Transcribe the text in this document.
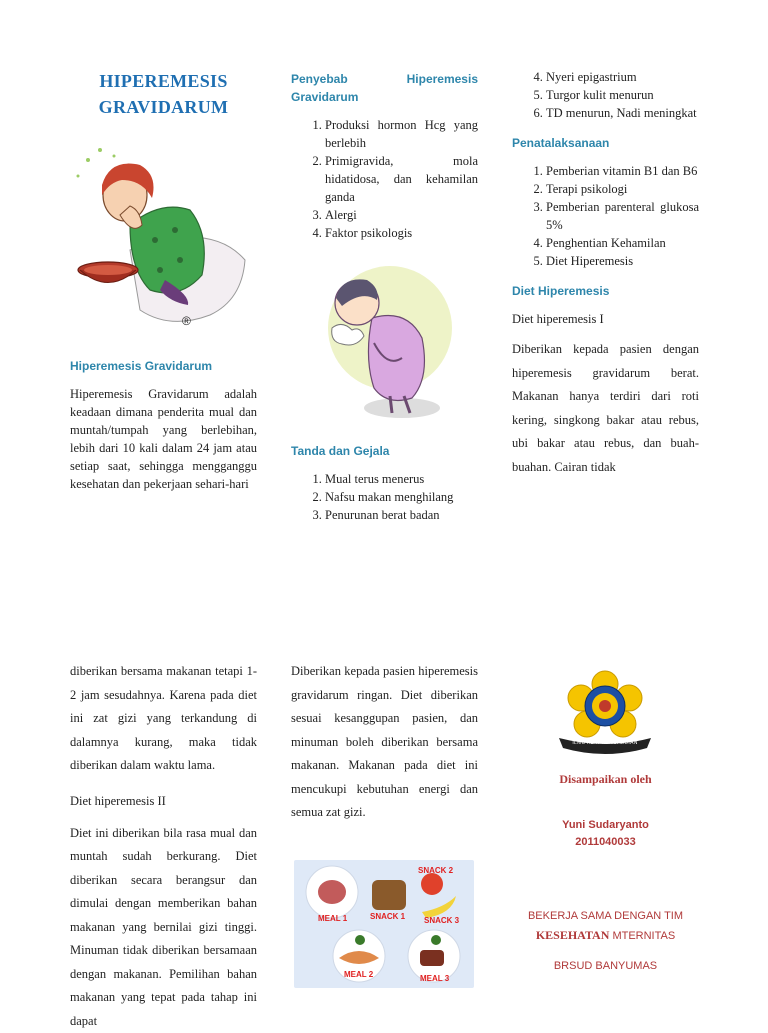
HIPEREMESIS
GRAVIDARUM
®
Hiperemesis Gravidarum

Hiperemesis Gravidarum adalah keadaan dimana penderita mual dan muntah/tumpah yang berlebihan, lebih dari 10 kali dalam 24 jam atau setiap saat, sehingga mengganggu kesehatan dan pekerjaan sehari-hari

Penyebab Hiperemesis Gravidarum
1. Produksi hormon Hcg yang berlebih
2. Primigravida, mola hidatidosa, dan kehamilan ganda
3. Alergi
4. Faktor psikologis
Tanda dan Gejala
1. Mual terus menerus
2. Nafsu makan menghilang
3. Penurunan berat badan
4. Nyeri epigastrium
5. Turgor kulit menurun
6. TD menurun, Nadi meningkat
Penatalaksanaan
1. Pemberian vitamin B1 dan B6
2. Terapi psikologi
3. Pemberian parenteral glukosa 5%
4. Penghentian Kehamilan
5. Diet Hiperemesis
Diet Hiperemesis

Diet hiperemesis I

Diberikan kepada pasien dengan hiperemesis gravidarum berat. Makanan hanya terdiri dari roti kering, singkong bakar atau rebus, ubi bakar atau rebus, dan buah-buahan. Cairan tidak

diberikan bersama makanan tetapi 1-2 jam sesudahnya. Karena pada diet ini zat gizi yang terkandung di dalamnya kurang, maka tidak diberikan dalam waktu lama.

Diet hiperemesis II

Diet ini diberikan bila rasa mual dan muntah sudah berkurang. Diet diberikan secara berangsur dan dimulai dengan memberikan bahan makanan yang bernilai gizi tinggi. Minuman tidak diberikan bersamaan dengan makanan. Pemilihan bahan makanan yang tepat pada tahap ini dapat

Diberikan kepada pasien hiperemesis gravidarum ringan. Diet diberikan sesuai kesanggupan pasien, dan minuman boleh diberikan bersama makanan. Makanan pada diet ini mencukupi kebutuhan energi dan semua zat gizi.

MEAL 1	SNACK 1
SNACK 2
SNACK 3
MEAL 2	MEAL 3
ILMU ALAT PENGABDIAN
Disampaikan oleh
Yuni Sudaryanto
2011040033
BEKERJA SAMA DENGAN TIM
KESEHATAN MTERNITAS
BRSUD BANYUMAS
